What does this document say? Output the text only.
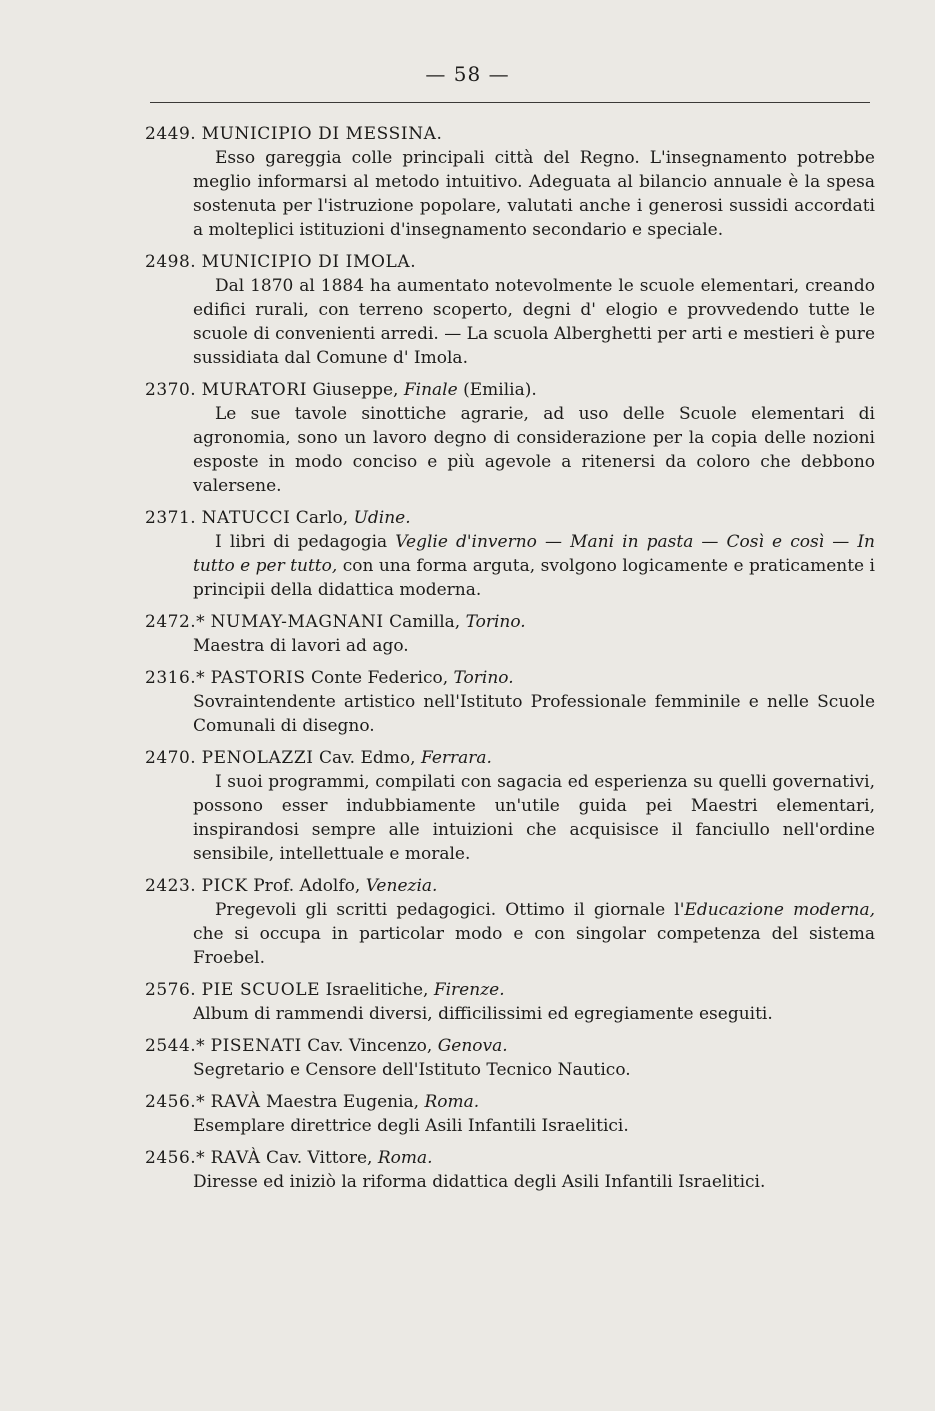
— 58 —
2449. MUNICIPIO DI MESSINA.

Esso gareggia colle principali città del Regno. L'insegnamento potrebbe meglio informarsi al metodo intuitivo. Adeguata al bilancio annuale è la spesa sostenuta per l'istruzione popolare, valutati anche i generosi sussidi accordati a molteplici istituzioni d'insegnamento secondario e speciale.

2498. MUNICIPIO DI IMOLA.

Dal 1870 al 1884 ha aumentato notevolmente le scuole elementari, creando edifici rurali, con terreno scoperto, degni d' elogio e provvedendo tutte le scuole di convenienti arredi. — La scuola Alberghetti per arti e mestieri è pure sussidiata dal Comune d' Imola.

2370. MURATORI Giuseppe, Finale (Emilia).

Le sue tavole sinottiche agrarie, ad uso delle Scuole elementari di agronomia, sono un lavoro degno di considerazione per la copia delle nozioni esposte in modo conciso e più agevole a ritenersi da coloro che debbono valersene.

2371. NATUCCI Carlo, Udine.

I libri di pedagogia Veglie d'inverno — Mani in pasta — Così e così — In tutto e per tutto, con una forma arguta, svolgono logicamente e praticamente i principii della didattica moderna.

2472.* NUMAY-MAGNANI Camilla, Torino.

Maestra di lavori ad ago.

2316.* PASTORIS Conte Federico, Torino.

Sovraintendente artistico nell'Istituto Professionale femminile e nelle Scuole Comunali di disegno.

2470. PENOLAZZI Cav. Edmo, Ferrara.

I suoi programmi, compilati con sagacia ed esperienza su quelli governativi, possono esser indubbiamente un'utile guida pei Maestri elementari, inspirandosi sempre alle intuizioni che acquisisce il fanciullo nell'ordine sensibile, intellettuale e morale.

2423. PICK Prof. Adolfo, Venezia.

Pregevoli gli scritti pedagogici. Ottimo il giornale l'Educazione moderna, che si occupa in particolar modo e con singolar competenza del sistema Froebel.

2576. PIE SCUOLE Israelitiche, Firenze.

Album di rammendi diversi, difficilissimi ed egregiamente eseguiti.

2544.* PISENATI Cav. Vincenzo, Genova.

Segretario e Censore dell'Istituto Tecnico Nautico.

2456.* RAVÀ Maestra Eugenia, Roma.

Esemplare direttrice degli Asili Infantili Israelitici.

2456.* RAVÀ Cav. Vittore, Roma.

Diresse ed iniziò la riforma didattica degli Asili Infantili Israelitici.
